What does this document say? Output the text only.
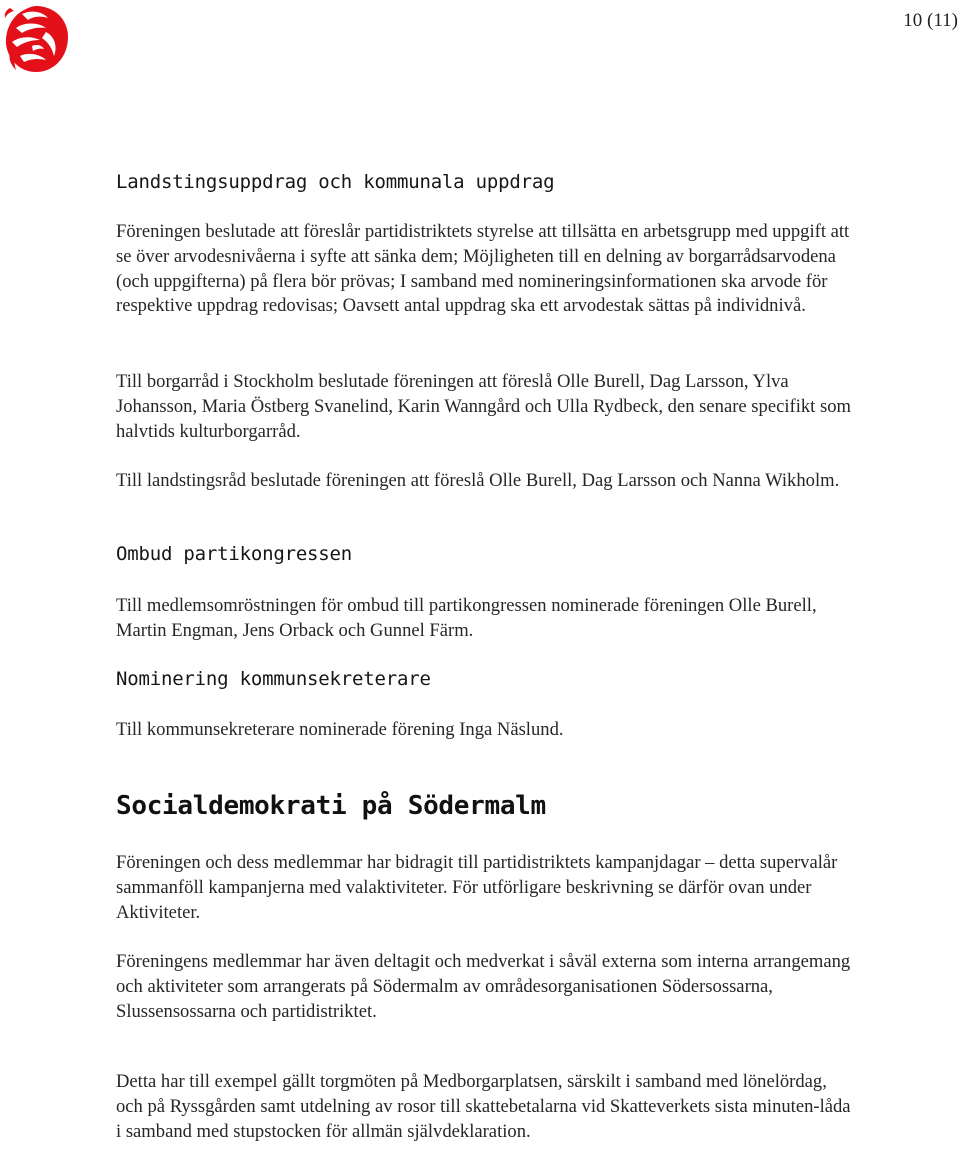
10 (11)
Landstingsuppdrag och kommunala uppdrag

Föreningen beslutade att föreslår partidistriktets styrelse att tillsätta en arbetsgrupp med uppgift att se över arvodesnivåerna i syfte att sänka dem; Möjligheten till en delning av borgarrådsarvodena (och uppgifterna) på flera bör prövas; I samband med nomineringsinformationen ska arvode för respektive uppdrag redovisas; Oavsett antal uppdrag ska ett arvodestak sättas på individnivå.

Till borgarråd i Stockholm beslutade föreningen att föreslå Olle Burell, Dag Larsson, Ylva Johansson, Maria Östberg Svanelind, Karin Wanngård och Ulla Rydbeck, den senare specifikt som halvtids kulturborgarråd.

Till landstingsråd beslutade föreningen att föreslå Olle Burell, Dag Larsson och Nanna Wikholm.

Ombud partikongressen

Till medlemsomröstningen för ombud till partikongressen nominerade föreningen Olle Burell, Martin Engman, Jens Orback och Gunnel Färm.

Nominering kommunsekreterare

Till kommunsekreterare nominerade förening Inga Näslund.

Socialdemokrati på Södermalm

Föreningen och dess medlemmar har bidragit till partidistriktets kampanjdagar – detta supervalår sammanföll kampanjerna med valaktiviteter. För utförligare beskrivning se därför ovan under Aktiviteter.

Föreningens medlemmar har även deltagit och medverkat i såväl externa som interna arrangemang och aktiviteter som arrangerats på Södermalm av områdesorganisationen Södersossarna, Slussensossarna och partidistriktet.

Detta har till exempel gällt torgmöten på Medborgarplatsen, särskilt i samband med lönelördag, och på Ryssgården samt utdelning av rosor till skattebetalarna vid Skatteverkets sista minuten-låda i samband med stupstocken för allmän självdeklaration.
